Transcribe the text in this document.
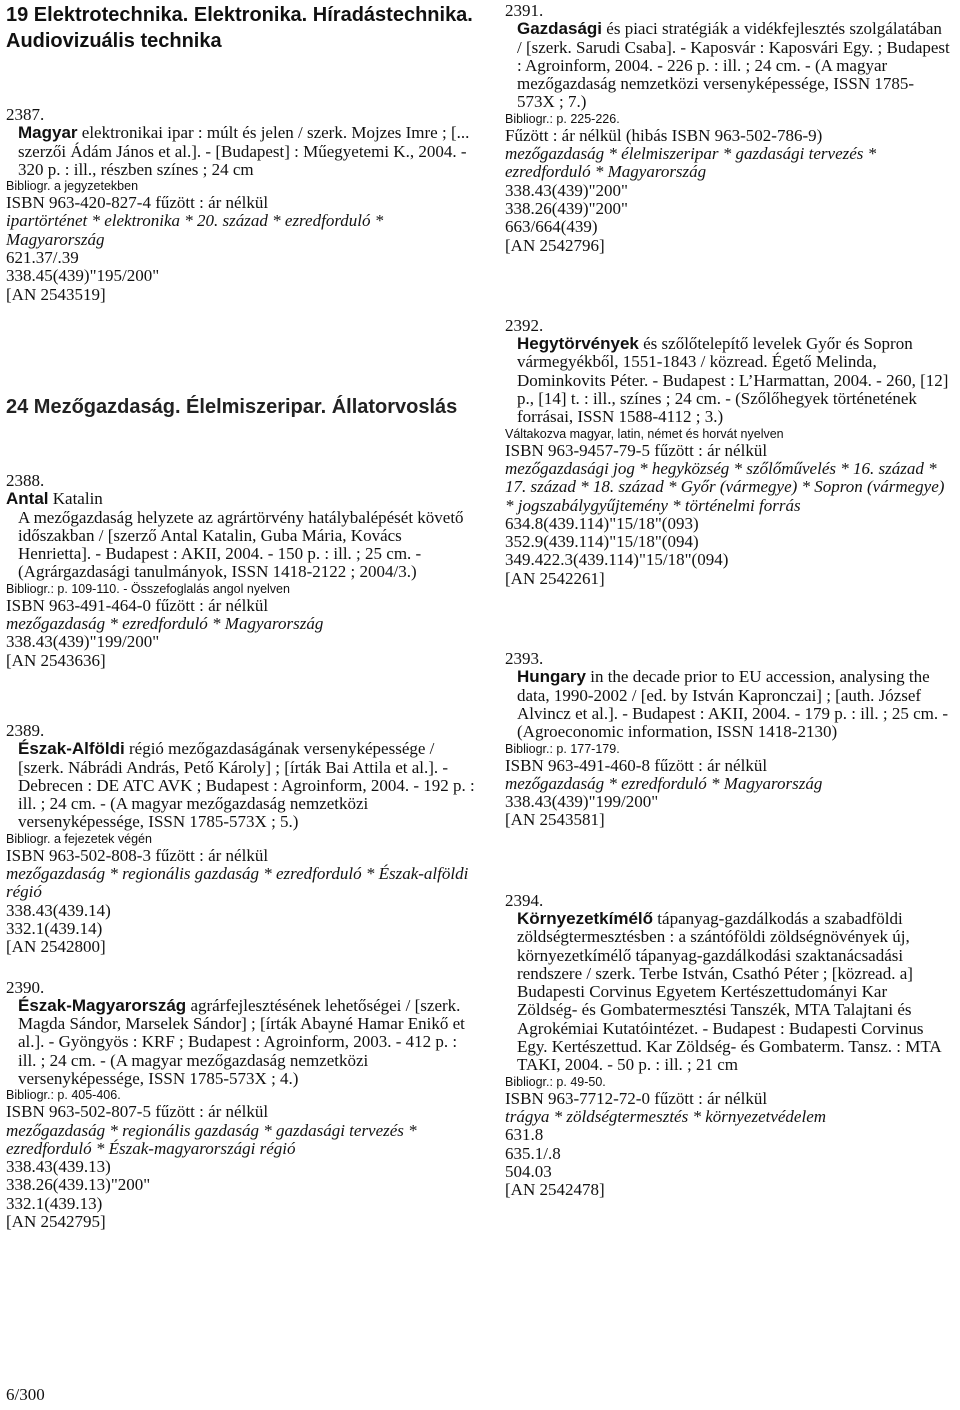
19 Elektrotechnika. Elektronika. Híradástechnika. Audiovizuális technika
2387.
Magyar elektronikai ipar : múlt és jelen / szerk. Mojzes Imre ; [... szerzői Ádám János et al.]. - [Budapest] : Műegyetemi K., 2004. - 320 p. : ill., részben színes ; 24 cm
Bibliogr. a jegyzetekben
ISBN 963-420-827-4 fűzött : ár nélkül
ipartörténet * elektronika * 20. század * ezredforduló * Magyarország
621.37/.39
338.45(439)"195/200"
[AN 2543519]
24 Mezőgazdaság. Élelmiszeripar. Állatorvoslás
2388.
Antal Katalin
A mezőgazdaság helyzete az agrártörvény hatálybalépését követő időszakban / [szerző Antal Katalin, Guba Mária, Kovács Henrietta]. - Budapest : AKII, 2004. - 150 p. : ill. ; 25 cm. - (Agrárgazdasági tanulmányok, ISSN 1418-2122 ; 2004/3.)
Bibliogr.: p. 109-110. - Összefoglalás angol nyelven
ISBN 963-491-464-0 fűzött : ár nélkül
mezőgazdaság * ezredforduló * Magyarország
338.43(439)"199/200"
[AN 2543636]
2389.
Észak-Alföldi régió mezőgazdaságának versenyképessége / [szerk. Nábrádi András, Pető Károly] ; [írták Bai Attila et al.]. - Debrecen : DE ATC AVK ; Budapest : Agroinform, 2004. - 192 p. : ill. ; 24 cm. - (A magyar mezőgazdaság nemzetközi versenyképessége, ISSN 1785-573X ; 5.)
Bibliogr. a fejezetek végén
ISBN 963-502-808-3 fűzött : ár nélkül
mezőgazdaság * regionális gazdaság * ezredforduló * Észak-alföldi régió
338.43(439.14)
332.1(439.14)
[AN 2542800]
2390.
Észak-Magyarország agrárfejlesztésének lehetőségei / [szerk. Magda Sándor, Marselek Sándor] ; [írták Abayné Hamar Enikő et al.]. - Gyöngyös : KRF ; Budapest : Agroinform, 2003. - 412 p. : ill. ; 24 cm. - (A magyar mezőgazdaság nemzetközi versenyképessége, ISSN 1785-573X ; 4.)
Bibliogr.: p. 405-406.
ISBN 963-502-807-5 fűzött : ár nélkül
mezőgazdaság * regionális gazdaság * gazdasági tervezés * ezredforduló * Észak-magyarországi régió
338.43(439.13)
338.26(439.13)"200"
332.1(439.13)
[AN 2542795]
2391.
Gazdasági és piaci stratégiák a vidékfejlesztés szolgálatában / [szerk. Sarudi Csaba]. - Kaposvár : Kaposvári Egy. ; Budapest : Agroinform, 2004. - 226 p. : ill. ; 24 cm. - (A magyar mezőgazdaság nemzetközi versenyképessége, ISSN 1785-573X ; 7.)
Bibliogr.: p. 225-226.
Fűzött : ár nélkül (hibás ISBN 963-502-786-9)
mezőgazdaság * élelmiszeripar * gazdasági tervezés * ezredforduló * Magyarország
338.43(439)"200"
338.26(439)"200"
663/664(439)
[AN 2542796]
2392.
Hegytörvények és szőlőtelepítő levelek Győr és Sopron vármegyékből, 1551-1843 / közread. Égető Melinda, Dominkovits Péter. - Budapest : L’Harmattan, 2004. - 260, [12] p., [14] t. : ill., színes ; 24 cm. - (Szőlőhegyek történetének forrásai, ISSN 1588-4112 ; 3.)
Váltakozva magyar, latin, német és horvát nyelven
ISBN 963-9457-79-5 fűzött : ár nélkül
mezőgazdasági jog * hegyközség * szőlőművelés * 16. század * 17. század * 18. század * Győr (vármegye) * Sopron (vármegye) * jogszabálygyűjtemény * történelmi forrás
634.8(439.114)"15/18"(093)
352.9(439.114)"15/18"(094)
349.422.3(439.114)"15/18"(094)
[AN 2542261]
2393.
Hungary in the decade prior to EU accession, analysing the data, 1990-2002 / [ed. by István Kapronczai] ; [auth. József Alvincz et al.]. - Budapest : AKII, 2004. - 179 p. : ill. ; 25 cm. - (Agroeconomic information, ISSN 1418-2130)
Bibliogr.: p. 177-179.
ISBN 963-491-460-8 fűzött : ár nélkül
mezőgazdaság * ezredforduló * Magyarország
338.43(439)"199/200"
[AN 2543581]
2394.
Környezetkímélő tápanyag-gazdálkodás a szabadföldi zöldségtermesztésben : a szántóföldi zöldségnövények új, környezetkímélő tápanyag-gazdálkodási szaktanácsadási rendszere / szerk. Terbe István, Csathó Péter ; [közread. a] Budapesti Corvinus Egyetem Kertészettudományi Kar Zöldség- és Gombatermesztési Tanszék, MTA Talajtani és Agrokémiai Kutatóintézet. - Budapest : Budapesti Corvinus Egy. Kertészettud. Kar Zöldség- és Gombaterm. Tansz. : MTA TAKI, 2004. - 50 p. : ill. ; 21 cm
Bibliogr.: p. 49-50.
ISBN 963-7712-72-0 fűzött : ár nélkül
trágya * zöldségtermesztés * környezetvédelem
631.8
635.1/.8
504.03
[AN 2542478]
6/300
